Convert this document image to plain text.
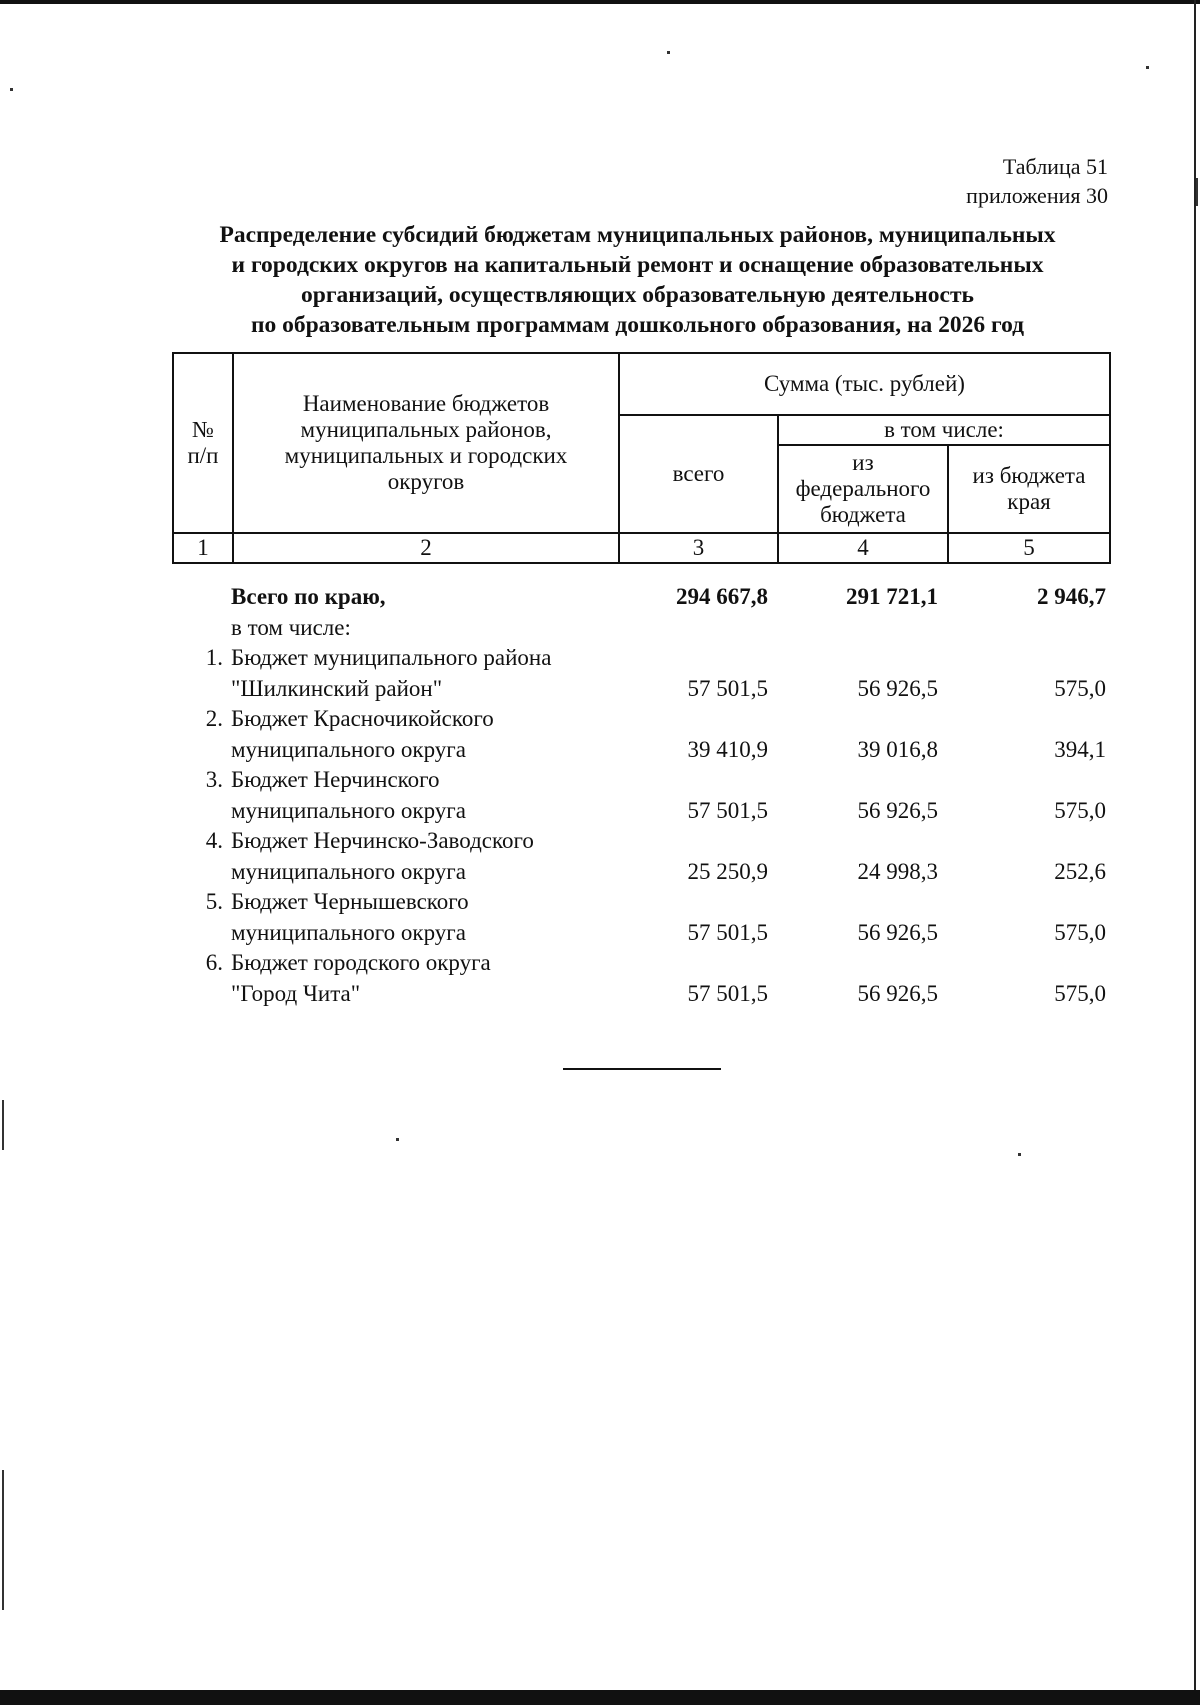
Таблица 51
приложения 30
Распределение субсидий бюджетам муниципальных районов, муниципальных
и городских округов на капитальный ремонт и оснащение образовательных
организаций, осуществляющих образовательную деятельность
по образовательным программам дошкольного образования, на 2026 год
№ п/п	Наименование бюджетов муниципальных районов, муниципальных и городских округов	Сумма (тыс. рублей)		
		всего	в том числе:	
			из федерального бюджета	из бюджета края
1	2	3	4	5
Всего по краю,	294 667,8	291 721,1	2 946,7
в том числе:
1. Бюджет муниципального района
"Шилкинский район"	57 501,5	56 926,5	575,0
2. Бюджет Красночикойского
муниципального округа	39 410,9	39 016,8	394,1
3. Бюджет Нерчинского
муниципального округа	57 501,5	56 926,5	575,0
4. Бюджет Нерчинско-Заводского
муниципального округа	25 250,9	24 998,3	252,6
5. Бюджет Чернышевского
муниципального округа	57 501,5	56 926,5	575,0
6. Бюджет городского округа
"Город Чита"	57 501,5	56 926,5	575,0
